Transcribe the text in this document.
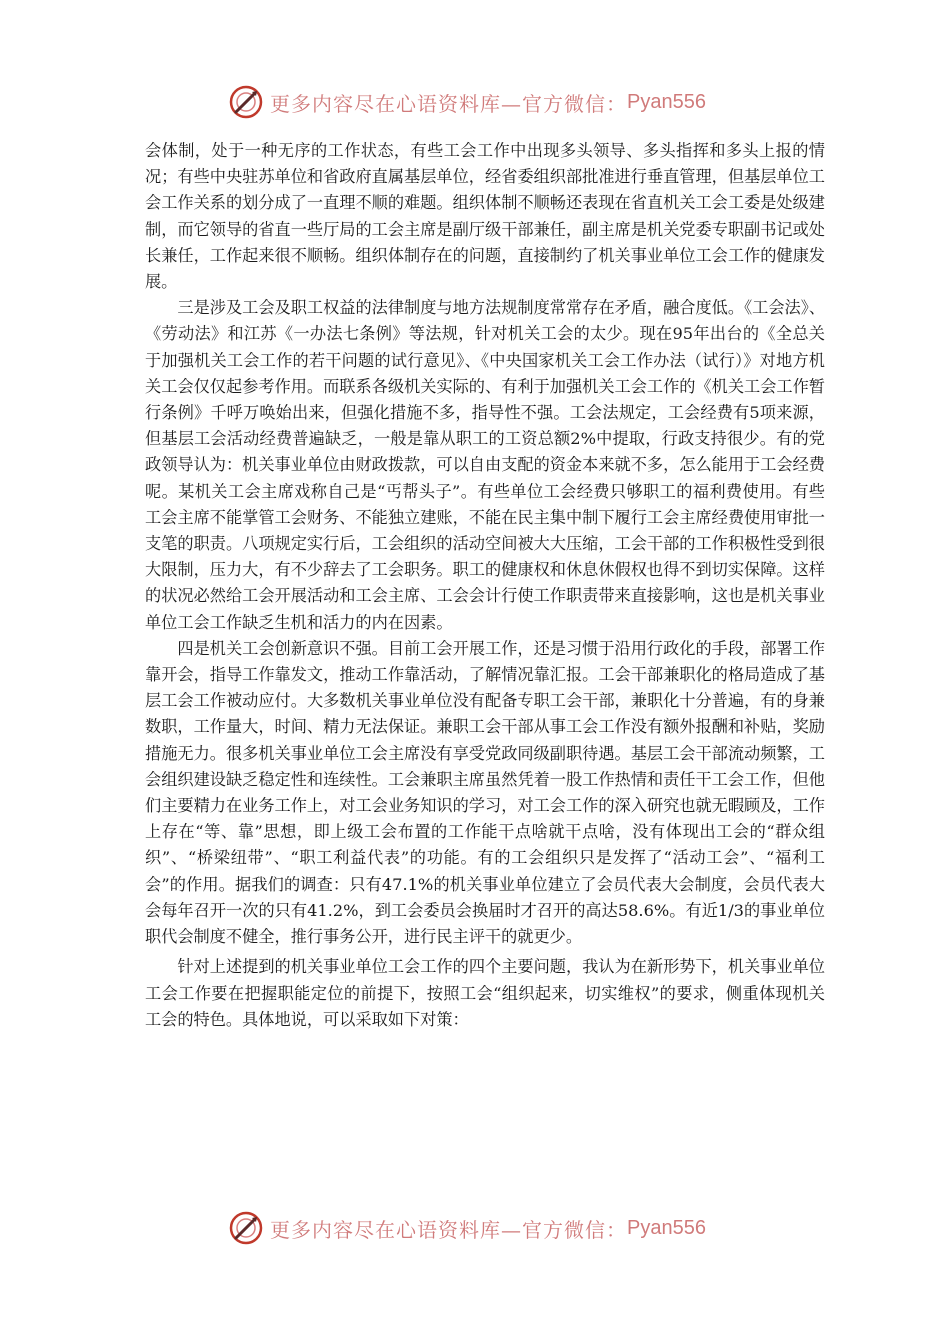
更多内容尽在心语资料库—官方微信： Pyan556

会体制，处于一种无序的工作状态，有些工会工作中出现多头领导、多头指挥和多头上报的情况；有些中央驻苏单位和省政府直属基层单位，经省委组织部批准进行垂直管理，但基层单位工会工作关系的划分成了一直理不顺的难题。组织体制不顺畅还表现在省直机关工会工委是处级建制，而它领导的省直一些厅局的工会主席是副厅级干部兼任，副主席是机关党委专职副书记或处长兼任，工作起来很不顺畅。组织体制存在的问题，直接制约了机关事业单位工会工作的健康发展。

三是涉及工会及职工权益的法律制度与地方法规制度常常存在矛盾，融合度低。《工会法》、《劳动法》和江苏《一办法七条例》等法规，针对机关工会的太少。现在95年出台的《全总关于加强机关工会工作的若干问题的试行意见》、《中央国家机关工会工作办法（试行）》对地方机关工会仅仅起参考作用。而联系各级机关实际的、有利于加强机关工会工作的《机关工会工作暂行条例》千呼万唤始出来，但强化措施不多，指导性不强。工会法规定，工会经费有5项来源，但基层工会活动经费普遍缺乏，一般是靠从职工的工资总额2%中提取，行政支持很少。有的党政领导认为：机关事业单位由财政拨款，可以自由支配的资金本来就不多，怎么能用于工会经费呢。某机关工会主席戏称自己是“丐帮头子”。有些单位工会经费只够职工的福利费使用。有些工会主席不能掌管工会财务、不能独立建账，不能在民主集中制下履行工会主席经费使用审批一支笔的职责。八项规定实行后，工会组织的活动空间被大大压缩，工会干部的工作积极性受到很大限制，压力大，有不少辞去了工会职务。职工的健康权和休息休假权也得不到切实保障。这样的状况必然给工会开展活动和工会主席、工会会计行使工作职责带来直接影响，这也是机关事业单位工会工作缺乏生机和活力的内在因素。

四是机关工会创新意识不强。目前工会开展工作，还是习惯于沿用行政化的手段，部署工作靠开会，指导工作靠发文，推动工作靠活动，了解情况靠汇报。工会干部兼职化的格局造成了基层工会工作被动应付。大多数机关事业单位没有配备专职工会干部，兼职化十分普遍，有的身兼数职，工作量大，时间、精力无法保证。兼职工会干部从事工会工作没有额外报酬和补贴，奖励措施无力。很多机关事业单位工会主席没有享受党政同级副职待遇。基层工会干部流动频繁，工会组织建设缺乏稳定性和连续性。工会兼职主席虽然凭着一股工作热情和责任干工会工作，但他们主要精力在业务工作上，对工会业务知识的学习，对工会工作的深入研究也就无暇顾及，工作上存在“等、靠”思想，即上级工会布置的工作能干点啥就干点啥，没有体现出工会的“群众组织”、“桥梁纽带”、“职工利益代表”的功能。有的工会组织只是发挥了“活动工会”、“福利工会”的作用。据我们的调查：只有47.1%的机关事业单位建立了会员代表大会制度，会员代表大会每年召开一次的只有41.2%，到工会委员会换届时才召开的高达58.6%。有近1/3的事业单位职代会制度不健全，推行事务公开，进行民主评干的就更少。

针对上述提到的机关事业单位工会工作的四个主要问题，我认为在新形势下，机关事业单位工会工作要在把握职能定位的前提下，按照工会“组织起来，切实维权”的要求，侧重体现机关工会的特色。具体地说，可以采取如下对策：

更多内容尽在心语资料库—官方微信： Pyan556
